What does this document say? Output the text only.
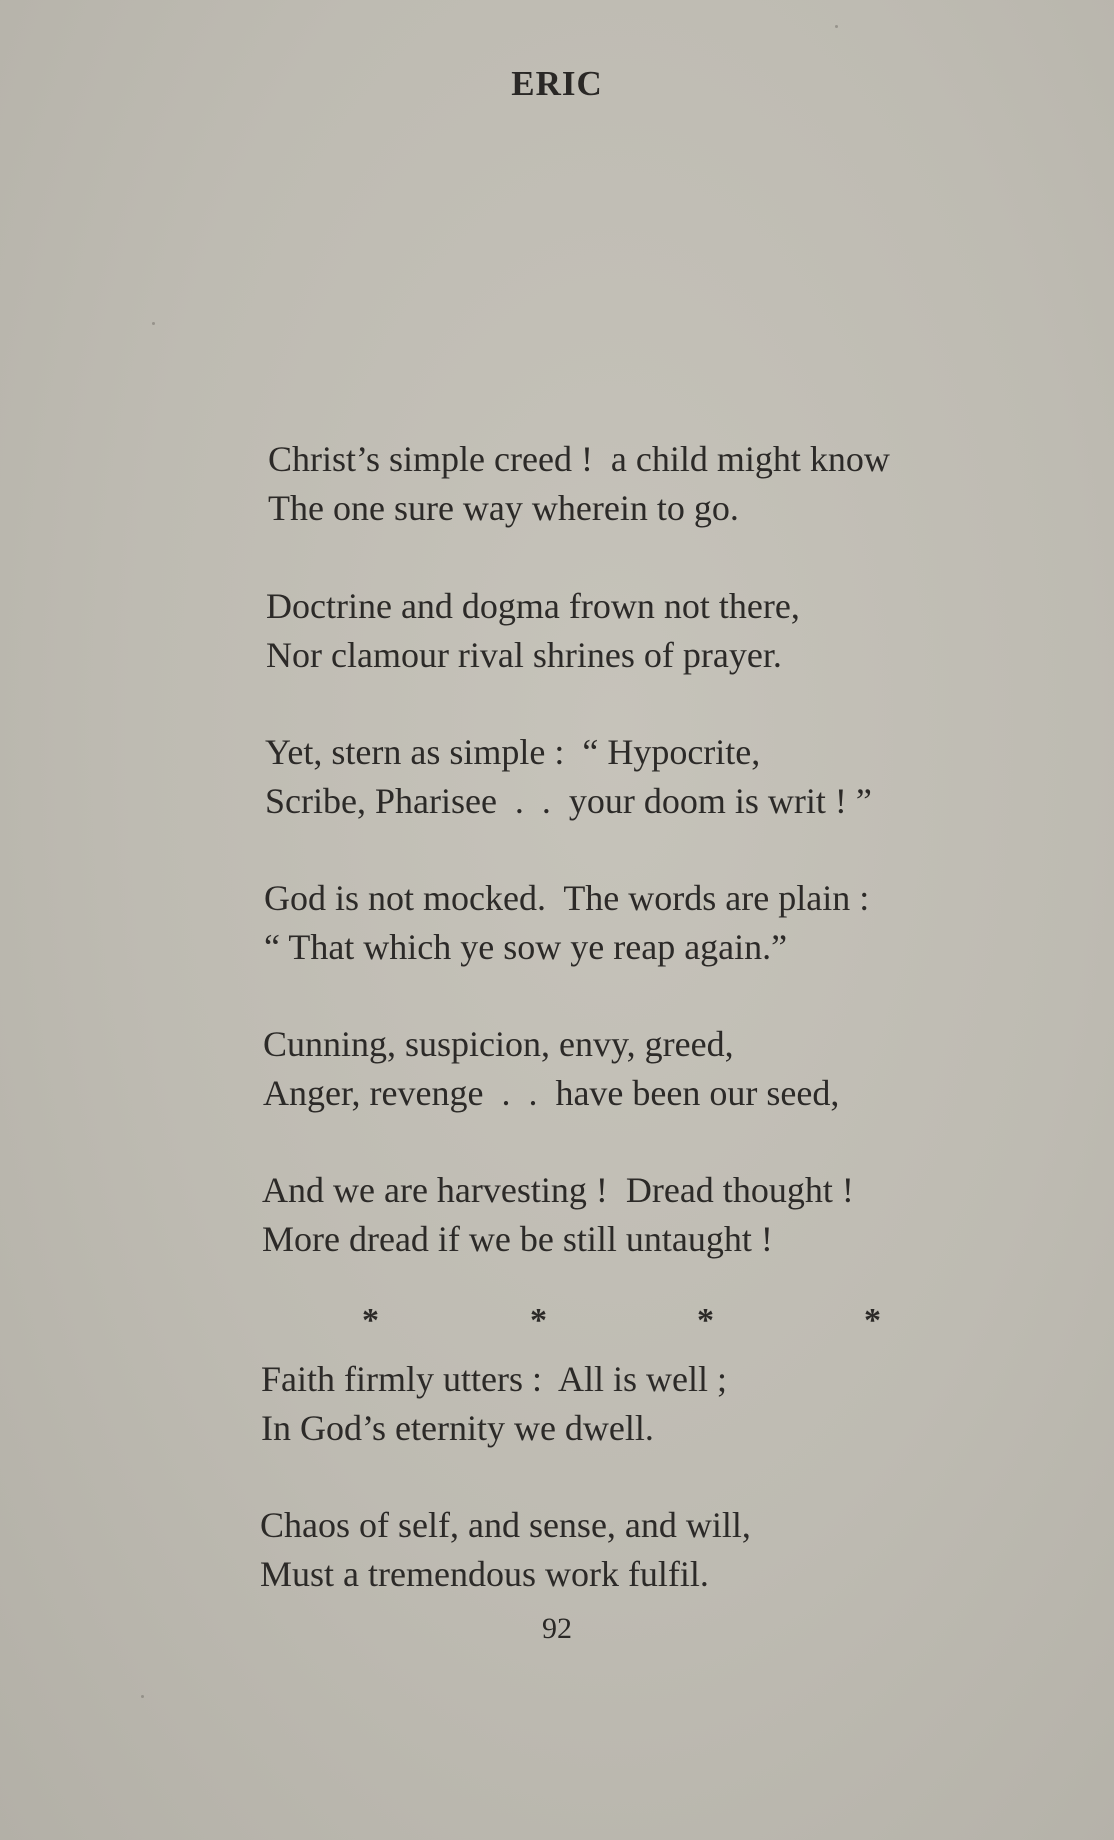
ERIC
Christ’s simple creed !  a child might know
The one sure way wherein to go.
Doctrine and dogma frown not there,
Nor clamour rival shrines of prayer.
Yet, stern as simple :  “ Hypocrite,
Scribe, Pharisee  .  .  your doom is writ ! ”
God is not mocked.  The words are plain :
“ That which ye sow ye reap again.”
Cunning, suspicion, envy, greed,
Anger, revenge  .  .  have been our seed,
And we are harvesting !  Dread thought !
More dread if we be still untaught !
*	*	*	*
Faith firmly utters :  All is well ;
In God’s eternity we dwell.
Chaos of self, and sense, and will,
Must a tremendous work fulfil.
92
